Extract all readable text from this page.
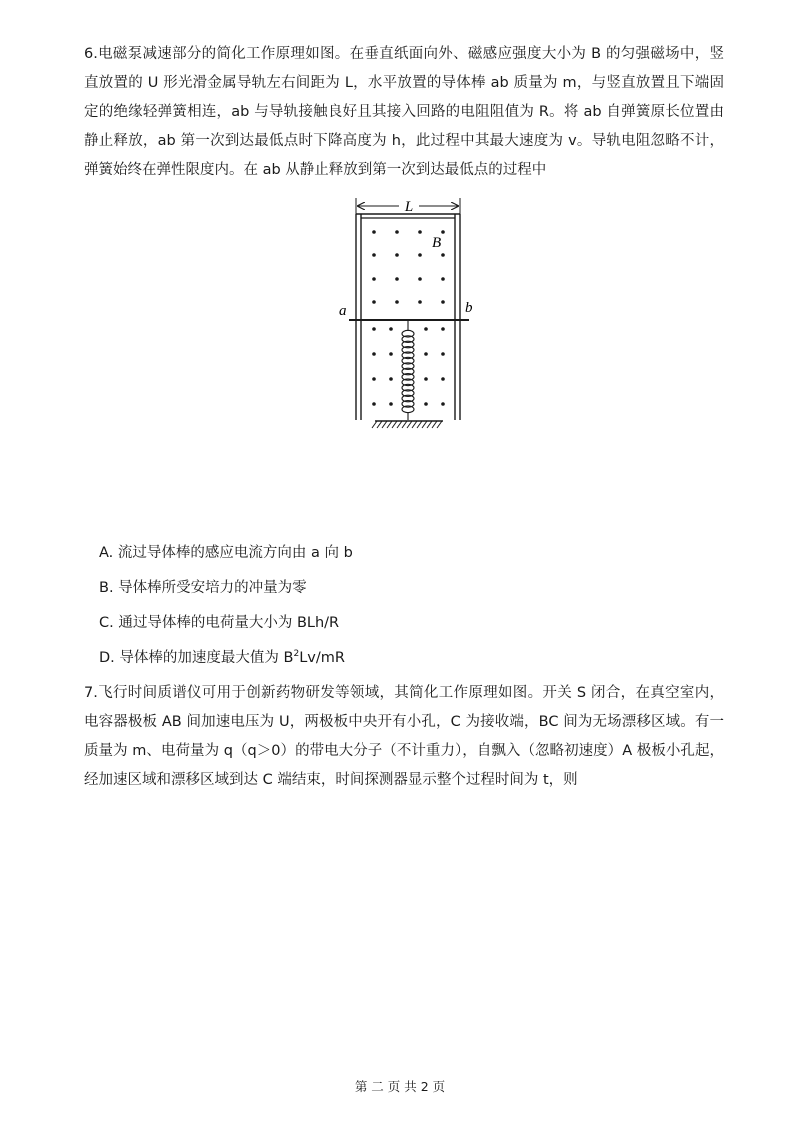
6.电磁泵减速部分的简化工作原理如图。在垂直纸面向外、磁感应强度大小为 B 的匀强磁场中，竖直放置的 U 形光滑金属导轨左右间距为 L，水平放置的导体棒 ab 质量为 m，与竖直放置且下端固定的绝缘轻弹簧相连，ab 与导轨接触良好且其接入回路的电阻阻值为 R。将 ab 自弹簧原长位置由静止释放，ab 第一次到达最低点时下降高度为 h，此过程中其最大速度为 v。导轨电阻忽略不计，弹簧始终在弹性限度内。在 ab 从静止释放到第一次到达最低点的过程中
L
B
a	b
A. 流过导体棒的感应电流方向由 a 向 b
B. 导体棒所受安培力的冲量为零
C. 通过导体棒的电荷量大小为 BLh/R
D. 导体棒的加速度最大值为 $B^2Lv/mR$
7.飞行时间质谱仪可用于创新药物研发等领域，其简化工作原理如图。开关 S 闭合，在真空室内，电容器极板 AB 间加速电压为 U，两极板中央开有小孔，C 为接收端，BC 间为无场漂移区域。有一质量为 m、电荷量为 q（q＞0）的带电大分子（不计重力），自飘入（忽略初速度）A 极板小孔起，经加速区域和漂移区域到达 C 端结束，时间探测器显示整个过程时间为 t，则
第 二 页 共 2 页
